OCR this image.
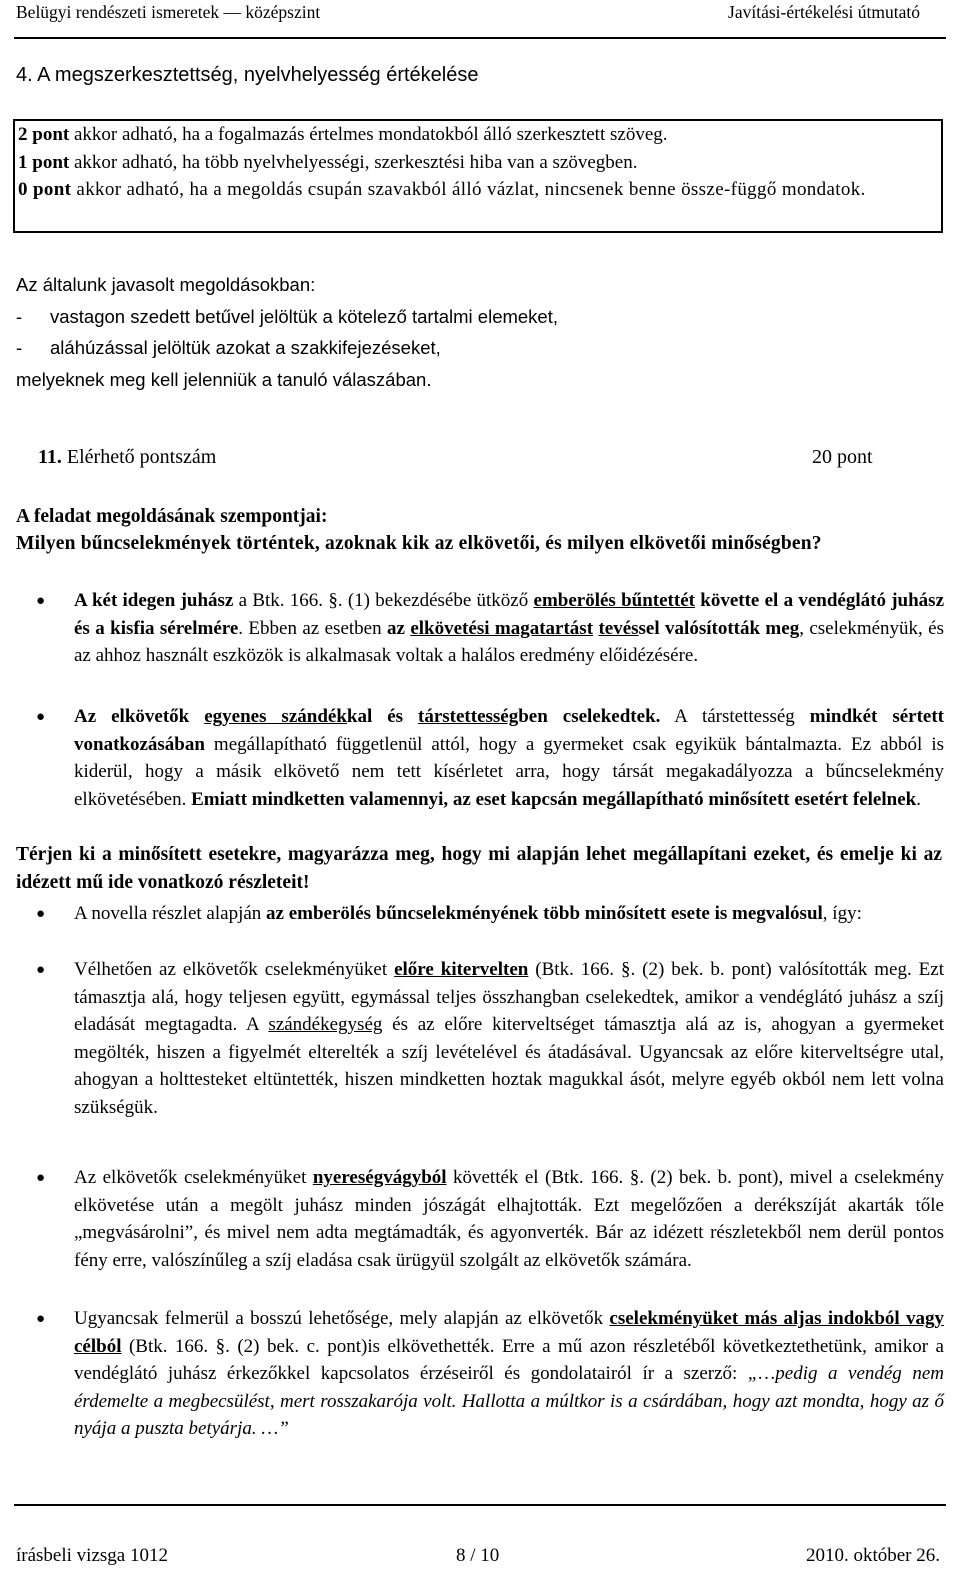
Belügyi rendészeti ismeretek — középszint	Javítási-értékelési útmutató
4. A megszerkesztettség, nyelvhelyesség értékelése
2 pont akkor adható, ha a fogalmazás értelmes mondatokból álló szerkesztett szöveg.
1 pont akkor adható, ha több nyelvhelyességi, szerkesztési hiba van a szövegben.
0 pont akkor adható, ha a megoldás csupán szavakból álló vázlat, nincsenek benne össze-függő mondatok.
Az általunk javasolt megoldásokban:
- vastagon szedett betűvel jelöltük a kötelező tartalmi elemeket,
- aláhúzással jelöltük azokat a szakkifejezéseket,
melyeknek meg kell jelenniük a tanuló válaszában.
11. Elérhető pontszám	20 pont
A feladat megoldásának szempontjai:
Milyen bűncselekmények történtek, azoknak kik az elkövetői, és milyen elkövetői minőségben?
● A két idegen juhász a Btk. 166. §. (1) bekezdésébe ütköző emberölés bűntettét követte el a vendéglátó juhász és a kisfia sérelmére. Ebben az esetben az elkövetési magatartást tevéssel valósították meg, cselekményük, és az ahhoz használt eszközök is alkalmasak voltak a halálos eredmény előidézésére.
● Az elkövetők egyenes szándékkal és társtettességben cselekedtek. A társtettesség mindkét sértett vonatkozásában megállapítható függetlenül attól, hogy a gyermeket csak egyikük bántalmazta. Ez abból is kiderül, hogy a másik elkövető nem tett kísérletet arra, hogy társát megakadályozza a bűncselekmény elkövetésében. Emiatt mindketten valamennyi, az eset kapcsán megállapítható minősített esetért felelnek.
Térjen ki a minősített esetekre, magyarázza meg, hogy mi alapján lehet megállapítani ezeket, és emelje ki az idézett mű ide vonatkozó részleteit!
● A novella részlet alapján az emberölés bűncselekményének több minősített esete is megvalósul, így:
● Vélhetően az elkövetők cselekményüket előre kitervelten (Btk. 166. §. (2) bek. b. pont) valósították meg. Ezt támasztja alá, hogy teljesen együtt, egymással teljes összhangban cselekedtek, amikor a vendéglátó juhász a szíj eladását megtagadta. A szándékegység és az előre kiterveltséget támasztja alá az is, ahogyan a gyermeket megölték, hiszen a figyelmét elterelték a szíj levételével és átadásával. Ugyancsak az előre kiterveltségre utal, ahogyan a holttesteket eltüntették, hiszen mindketten hoztak magukkal ásót, melyre egyéb okból nem lett volna szükségük.
● Az elkövetők cselekményüket nyereségvágyból követték el (Btk. 166. §. (2) bek. b. pont), mivel a cselekmény elkövetése után a megölt juhász minden jószágát elhajtották. Ezt megelőzően a derékszíját akarták tőle „megvásárolni”, és mivel nem adta megtámadták, és agyonverték. Bár az idézett részletekből nem derül pontos fény erre, valószínűleg a szíj eladása csak ürügyül szolgált az elkövetők számára.
● Ugyancsak felmerül a bosszú lehetősége, mely alapján az elkövetők cselekményüket más aljas indokból vagy célból (Btk. 166. §. (2) bek. c. pont)is elkövethették. Erre a mű azon részletéből következtethetünk, amikor a vendéglátó juhász érkezőkkel kapcsolatos érzéseiről és gondolatairól ír a szerző: „…pedig a vendég nem érdemelte a megbecsülést, mert rosszakarója volt. Hallotta a múltkor is a csárdában, hogy azt mondta, hogy az ő nyája a puszta betyárja. …”
írásbeli vizsga 1012	8 / 10	2010. október 26.
